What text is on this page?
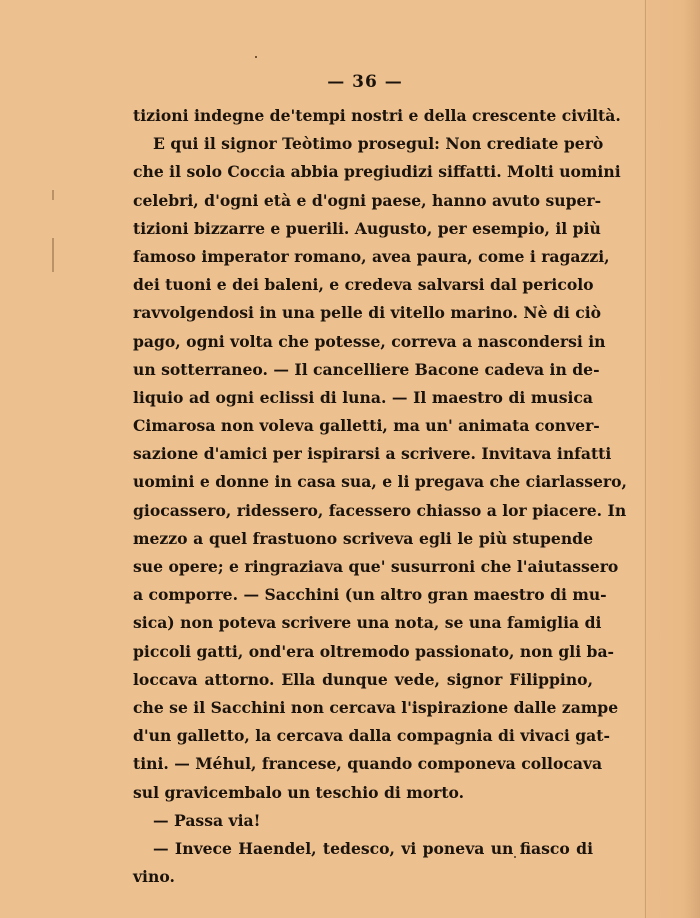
— 36 —
tizioni indegne de'tempi nostri e della crescente civiltà.
E qui il signor Teòtimo prosegul: Non crediate però
che il solo Coccia abbia pregiudizi siffatti. Molti uomini
celebri, d'ogni età e d'ogni paese, hanno avuto super-
tizioni bizzarre e puerili. Augusto, per esempio, il più
famoso imperator romano, avea paura, come i ragazzi,
dei tuoni e dei baleni, e credeva salvarsi dal pericolo
ravvolgendosi in una pelle di vitello marino. Nè di ciò
pago, ogni volta che potesse, correva a nascondersi in
un sotterraneo. — Il cancelliere Bacone cadeva in de-
liquio ad ogni eclissi di luna. — Il maestro di musica
Cimarosa non voleva galletti, ma un' animata conver-
sazione d'amici per ispirarsi a scrivere. Invitava infatti
uomini e donne in casa sua, e li pregava che ciarlassero,
giocassero, ridessero, facessero chiasso a lor piacere. In
mezzo a quel frastuono scriveva egli le più stupende
sue opere; e ringraziava que' susurroni che l'aiutassero
a comporre. — Sacchini (un altro gran maestro di mu-
sica) non poteva scrivere una nota, se una famiglia di
piccoli gatti, ond'era oltremodo passionato, non gli ba-
loccava attorno. Ella dunque vede, signor Filippino,
che se il Sacchini non cercava l'ispirazione dalle zampe
d'un galletto, la cercava dalla compagnia di vivaci gat-
tini. — Méhul, francese, quando componeva collocava
sul gravicembalo un teschio di morto.
— Passa via!
— Invece Haendel, tedesco, vi poneva un fiasco di
vino.
